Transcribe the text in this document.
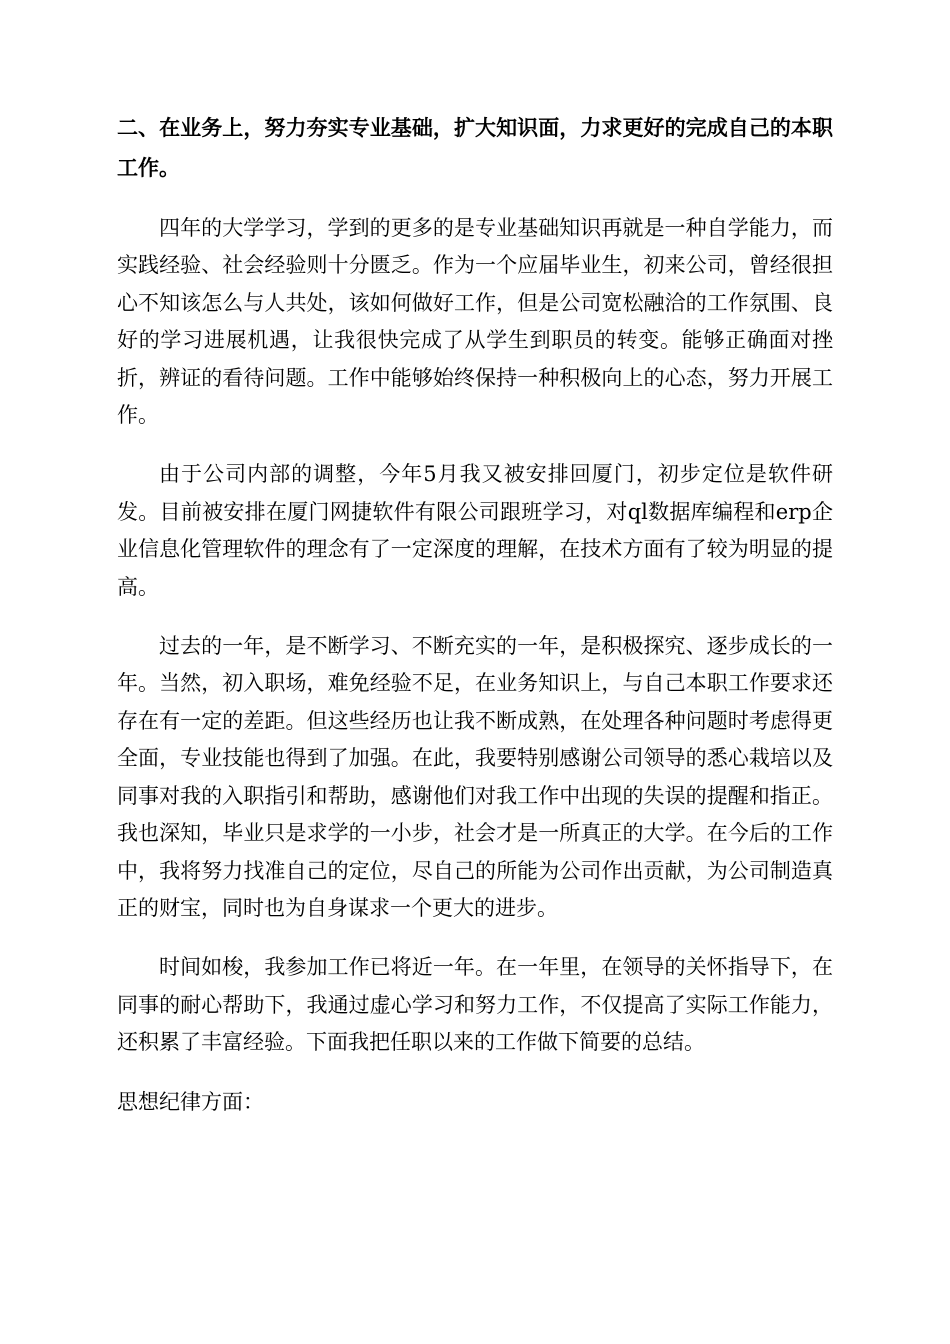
二、在业务上，努力夯实专业基础，扩大知识面，力求更好的完成自己的本职工作。

四年的大学学习，学到的更多的是专业基础知识再就是一种自学能力，而实践经验、社会经验则十分匮乏。作为一个应届毕业生，初来公司，曾经很担心不知该怎么与人共处，该如何做好工作，但是公司宽松融洽的工作氛围、良好的学习进展机遇，让我很快完成了从学生到职员的转变。能够正确面对挫折，辨证的看待问题。工作中能够始终保持一种积极向上的心态，努力开展工作。

由于公司内部的调整，今年5月我又被安排回厦门，初步定位是软件研发。目前被安排在厦门网捷软件有限公司跟班学习，对ql数据库编程和erp企业信息化管理软件的理念有了一定深度的理解，在技术方面有了较为明显的提高。

过去的一年，是不断学习、不断充实的一年，是积极探究、逐步成长的一年。当然，初入职场，难免经验不足，在业务知识上，与自己本职工作要求还存在有一定的差距。但这些经历也让我不断成熟，在处理各种问题时考虑得更全面，专业技能也得到了加强。在此，我要特别感谢公司领导的悉心栽培以及同事对我的入职指引和帮助，感谢他们对我工作中出现的失误的提醒和指正。我也深知，毕业只是求学的一小步，社会才是一所真正的大学。在今后的工作中，我将努力找准自己的定位，尽自己的所能为公司作出贡献，为公司制造真正的财宝，同时也为自身谋求一个更大的进步。

时间如梭，我参加工作已将近一年。在一年里，在领导的关怀指导下，在同事的耐心帮助下，我通过虚心学习和努力工作，不仅提高了实际工作能力，还积累了丰富经验。下面我把任职以来的工作做下简要的总结。

思想纪律方面：
